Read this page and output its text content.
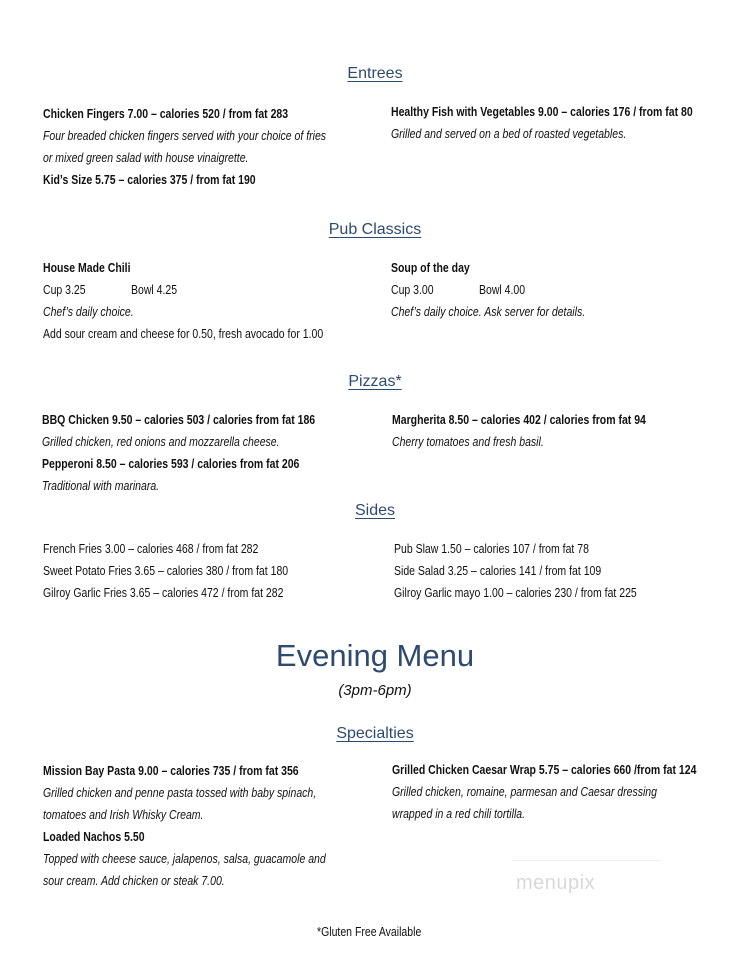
Entrees
Chicken Fingers 7.00 – calories 520 / from fat 283
Four breaded chicken fingers served with your choice of fries
or mixed green salad with house vinaigrette.
Kid’s Size 5.75 – calories 375 / from fat 190
Healthy Fish with Vegetables 9.00 – calories 176 / from fat 80
Grilled and served on a bed of roasted vegetables.
Pub Classics
House Made Chili
Cup 3.25	Bowl 4.25
Chef’s daily choice.
Add sour cream and cheese for 0.50, fresh avocado for 1.00
Soup of the day
Cup 3.00	Bowl 4.00
Chef’s daily choice. Ask server for details.
Pizzas*
BBQ Chicken 9.50 – calories 503 / calories from fat 186
Grilled chicken, red onions and mozzarella cheese.
Pepperoni 8.50 – calories 593 / calories from fat 206
Traditional with marinara.
Margherita 8.50 – calories 402 / calories from fat 94
Cherry tomatoes and fresh basil.
Sides
French Fries 3.00 – calories 468 / from fat 282
Sweet Potato Fries 3.65 – calories 380 / from fat 180
Gilroy Garlic Fries 3.65 – calories 472 / from fat 282
Pub Slaw 1.50 – calories 107 / from fat 78
Side Salad 3.25 – calories 141 / from fat 109
Gilroy Garlic mayo 1.00 – calories 230 / from fat 225
Evening Menu
(3pm-6pm)
Specialties
Mission Bay Pasta 9.00 – calories 735 / from fat 356
Grilled chicken and penne pasta tossed with baby spinach,
tomatoes and Irish Whisky Cream.
Loaded Nachos 5.50
Topped with cheese sauce, jalapenos, salsa, guacamole and
sour cream. Add chicken or steak 7.00.
Grilled Chicken Caesar Wrap 5.75 – calories 660 /from fat 124
Grilled chicken, romaine, parmesan and Caesar dressing
wrapped in a red chili tortilla.
menupix
*Gluten Free Available
